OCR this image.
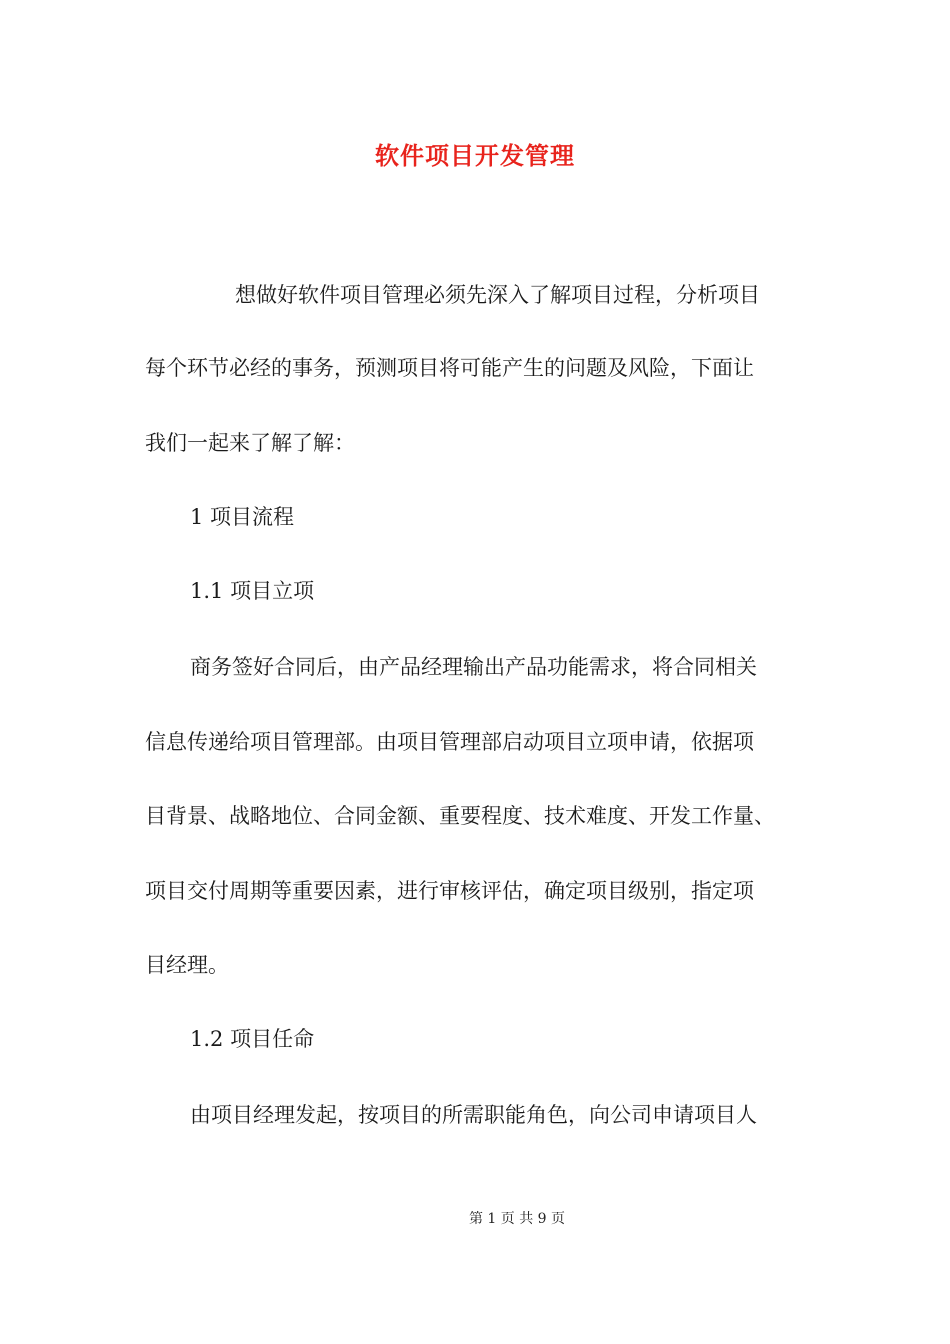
软件项目开发管理
想做好软件项目管理必须先深入了解项目过程，分析项目
每个环节必经的事务，预测项目将可能产生的问题及风险，下面让
我们一起来了解了解：
1 项目流程
1.1 项目立项
商务签好合同后，由产品经理输出产品功能需求，将合同相关
信息传递给项目管理部。由项目管理部启动项目立项申请，依据项
目背景、战略地位、合同金额、重要程度、技术难度、开发工作量、
项目交付周期等重要因素，进行审核评估，确定项目级别，指定项
目经理。
1.2 项目任命
由项目经理发起，按项目的所需职能角色，向公司申请项目人
第 1 页 共 9 页
